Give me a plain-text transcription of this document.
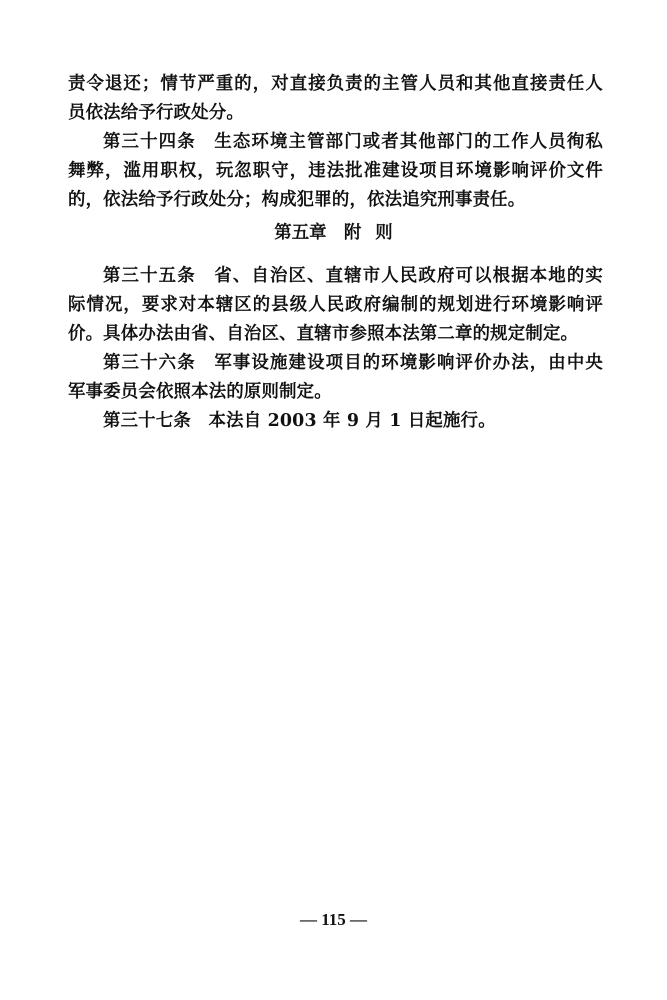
责令退还；情节严重的，对直接负责的主管人员和其他直接责任人
员依法给予行政处分。
第三十四条　生态环境主管部门或者其他部门的工作人员徇私
舞弊，滥用职权，玩忽职守，违法批准建设项目环境影响评价文件
的，依法给予行政处分；构成犯罪的，依法追究刑事责任。
第五章　附 则
第三十五条　省、自治区、直辖市人民政府可以根据本地的实
际情况，要求对本辖区的县级人民政府编制的规划进行环境影响评
价。具体办法由省、自治区、直辖市参照本法第二章的规定制定。
第三十六条　军事设施建设项目的环境影响评价办法，由中央
军事委员会依照本法的原则制定。
第三十七条　本法自 2003 年 9 月 1 日起施行。
— 115 —
